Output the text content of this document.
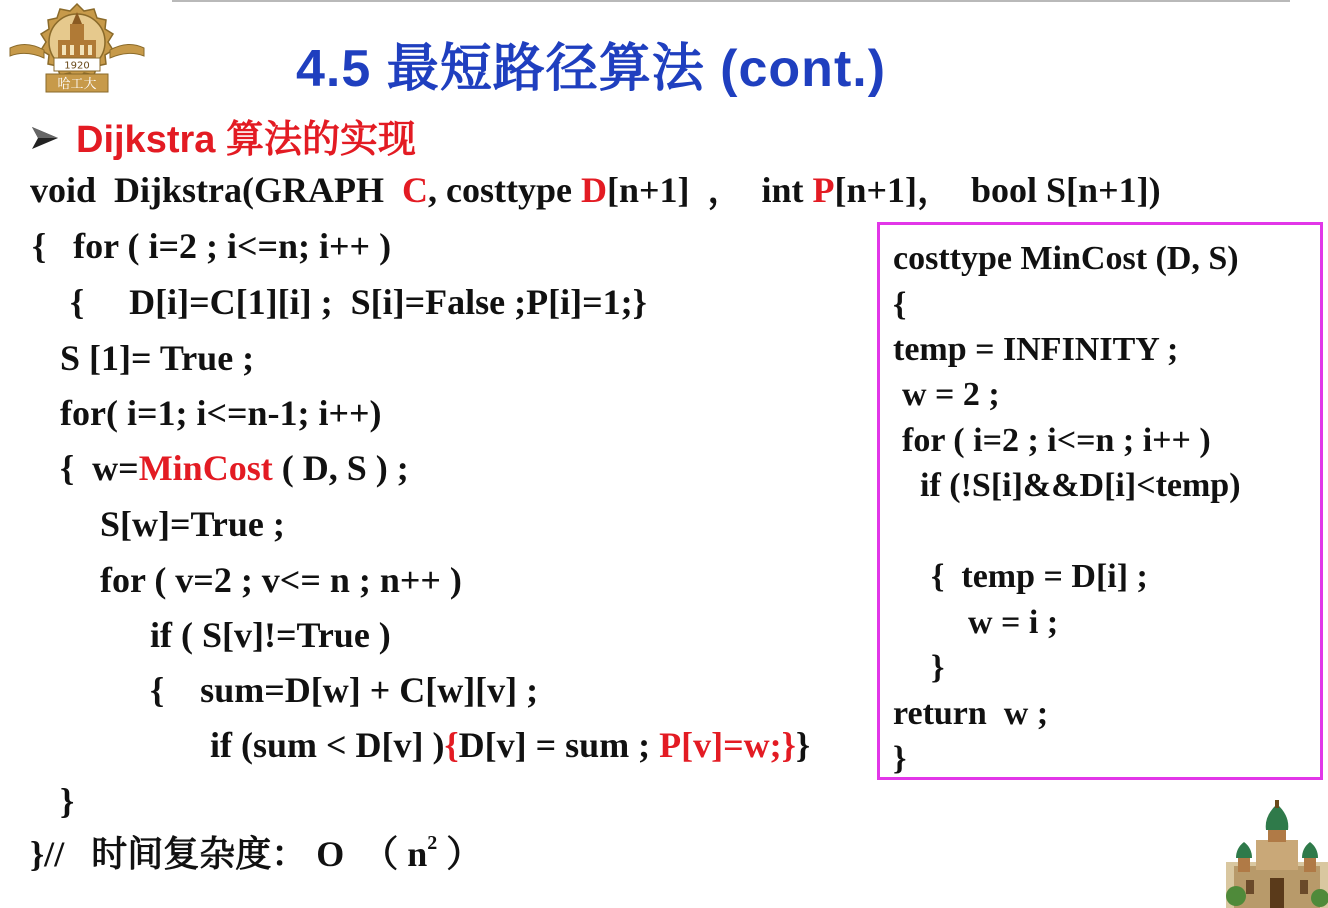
1920
哈工大	4.5 最短路径算法 (cont.)
Dijkstra 算法的实现
void  Dijkstra(GRAPH  C, costtype D[n+1]  ，  int P[n+1]，  bool S[n+1])
{   for ( i=2 ; i<=n; i++ )
{     D[i]=C[1][i] ;  S[i]=False ;P[i]=1;}
S [1]= True ;
for( i=1; i<=n-1; i++)
{  w=MinCost ( D, S ) ;
S[w]=True ;
for ( v=2 ; v<= n ; n++ )
if ( S[v]!=True )
{    sum=D[w] + C[w][v] ;
if (sum < D[v] ){D[v] = sum ; P[v]=w;}}
}
}//   时间复杂度： O  （ $n^2$ ）
costtype MinCost (D, S)
{
temp = INFINITY ;
w = 2 ;
for ( i=2 ; i<=n ; i++ )
if (!S[i]&&D[i]<temp)
{  temp = D[i] ;
w = i ;
}
return  w ;
}
